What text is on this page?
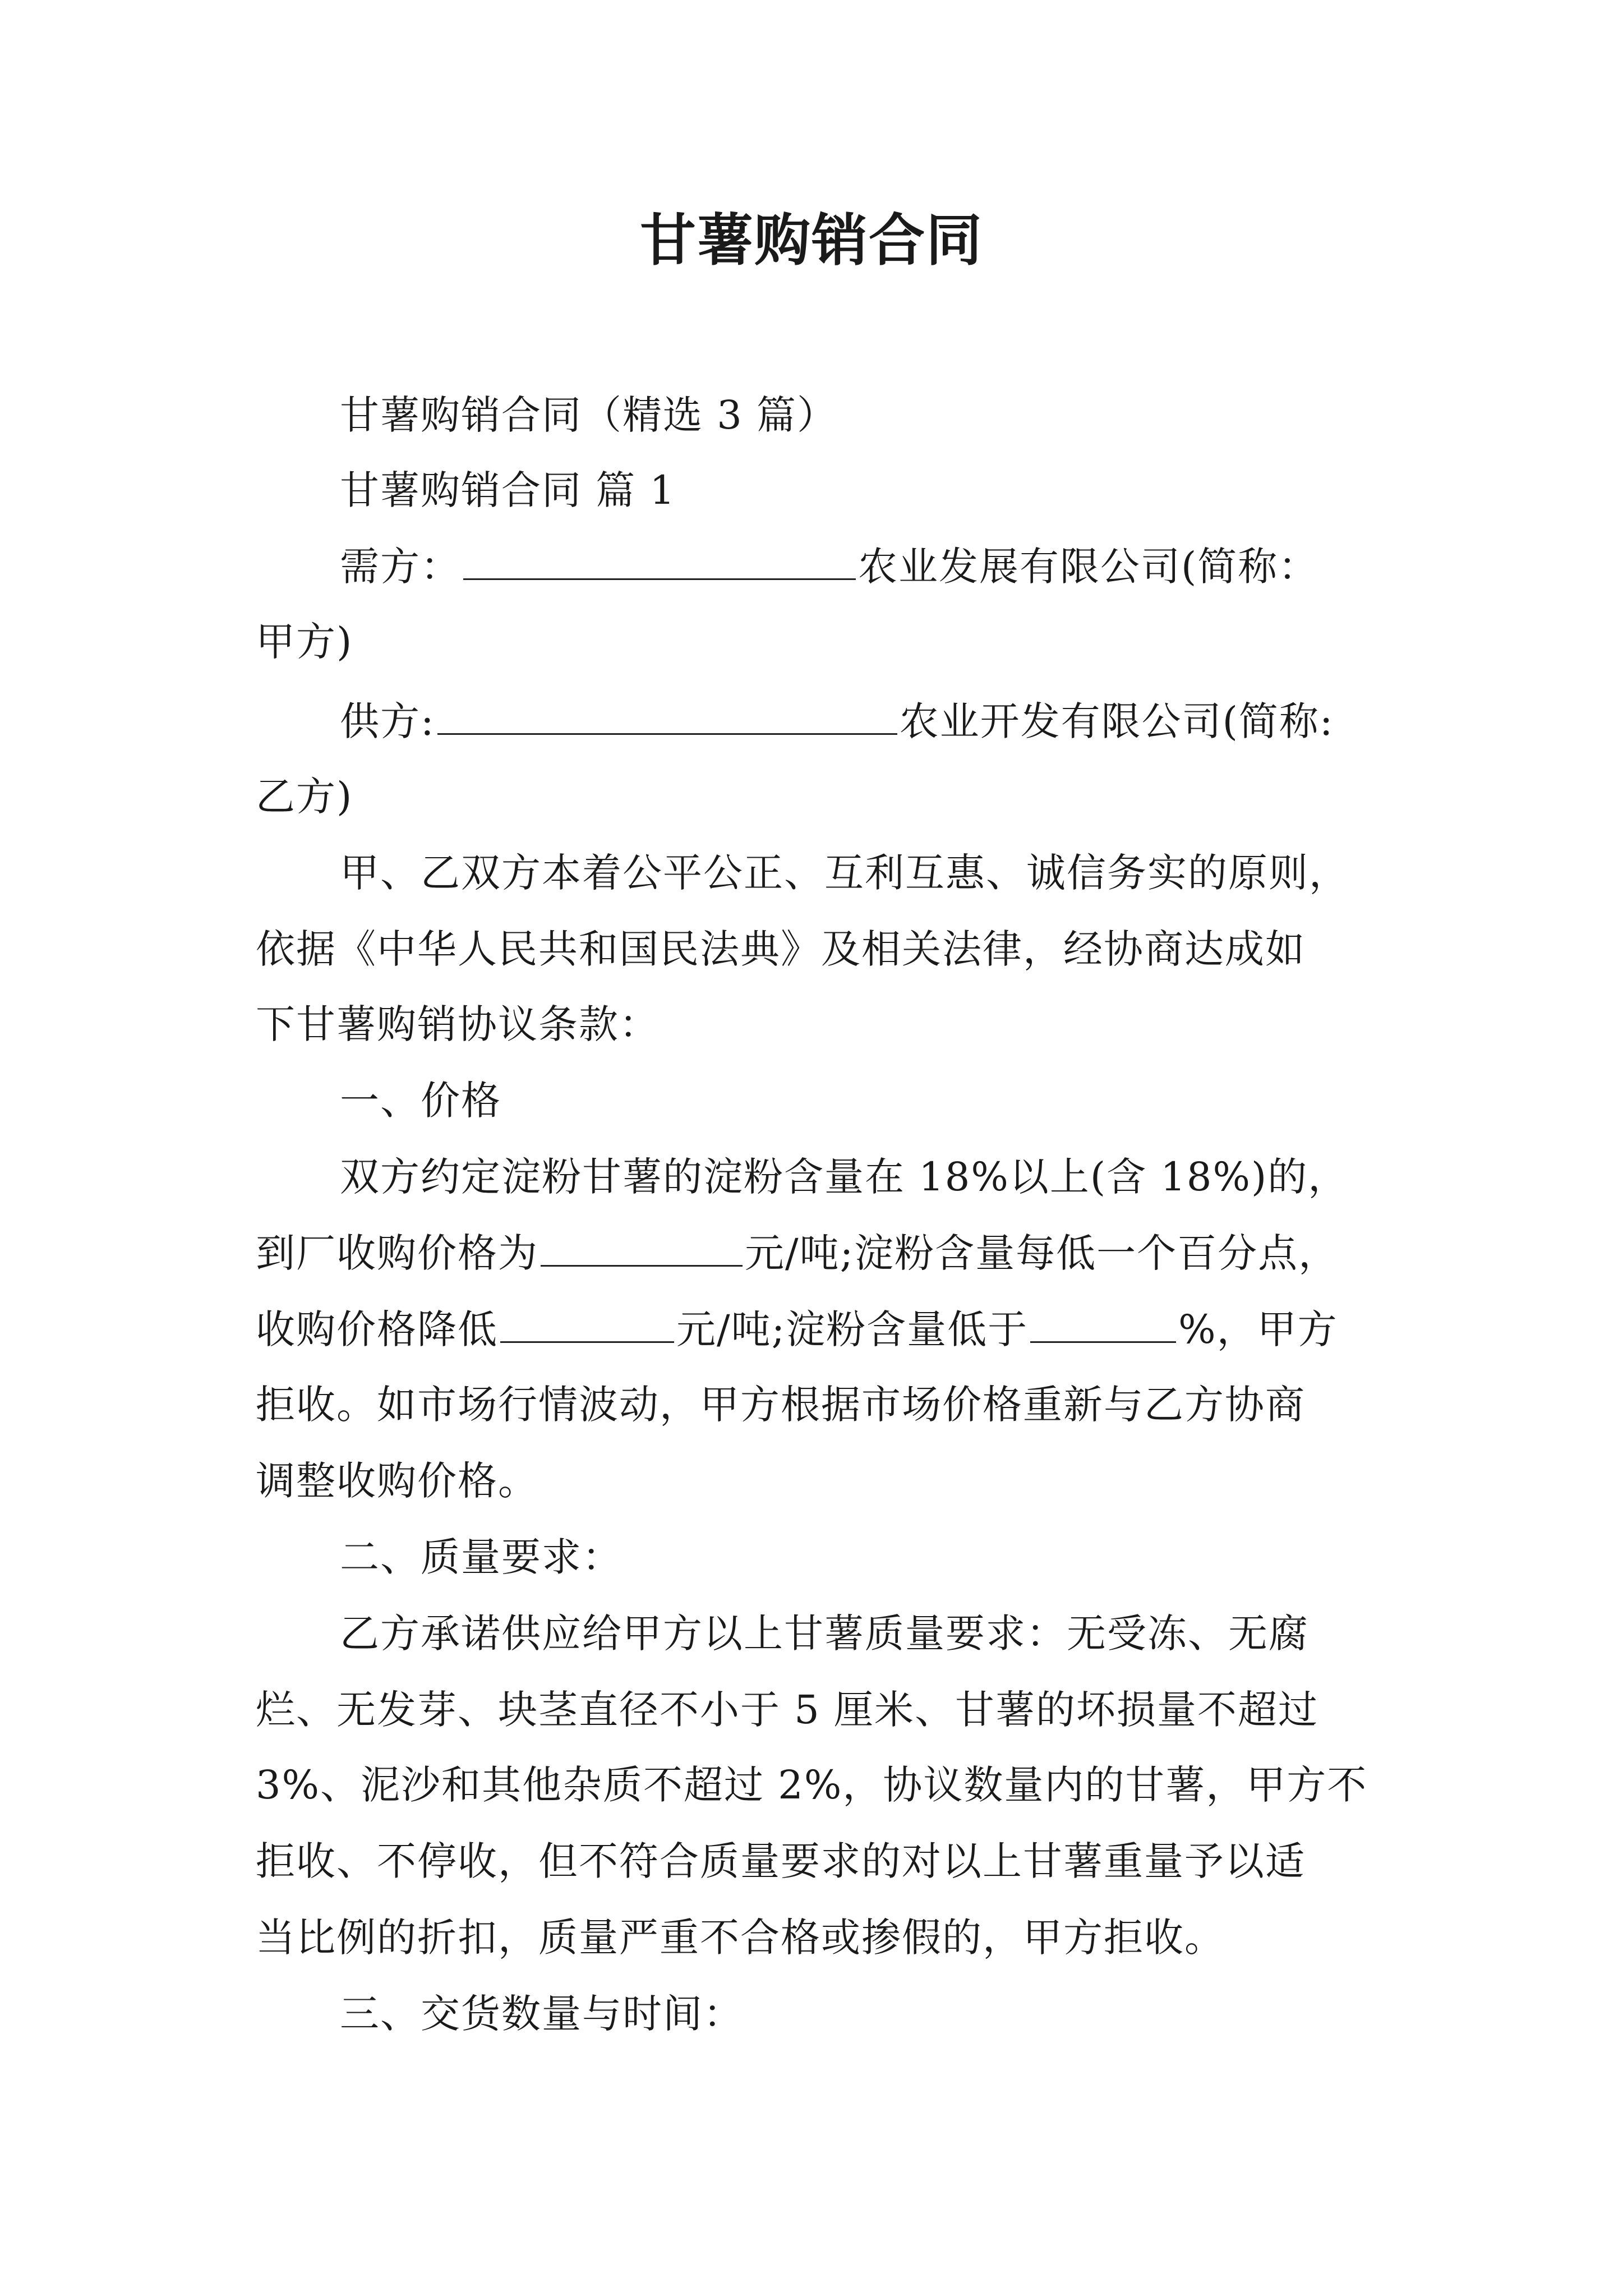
甘薯购销合同
甘薯购销合同（精选 3 篇）
甘薯购销合同 篇 1
需方：	农业发展有限公司(简称：
甲方)
供方:	农业开发有限公司(简称:
乙方)
甲、乙双方本着公平公正、互利互惠、诚信务实的原则，
依据《中华人民共和国民法典》及相关法律，经协商达成如
下甘薯购销协议条款：
一、价格
双方约定淀粉甘薯的淀粉含量在 18%以上(含 18%)的，
到厂收购价格为	元/吨;淀粉含量每低一个百分点，
收购价格降低	元/吨;淀粉含量低于	%，甲方
拒收。如市场行情波动，甲方根据市场价格重新与乙方协商
调整收购价格。
二、质量要求：
乙方承诺供应给甲方以上甘薯质量要求：无受冻、无腐
烂、无发芽、块茎直径不小于 5 厘米、甘薯的坏损量不超过
3%、泥沙和其他杂质不超过 2%，协议数量内的甘薯，甲方不
拒收、不停收，但不符合质量要求的对以上甘薯重量予以适
当比例的折扣，质量严重不合格或掺假的，甲方拒收。
三、交货数量与时间：
